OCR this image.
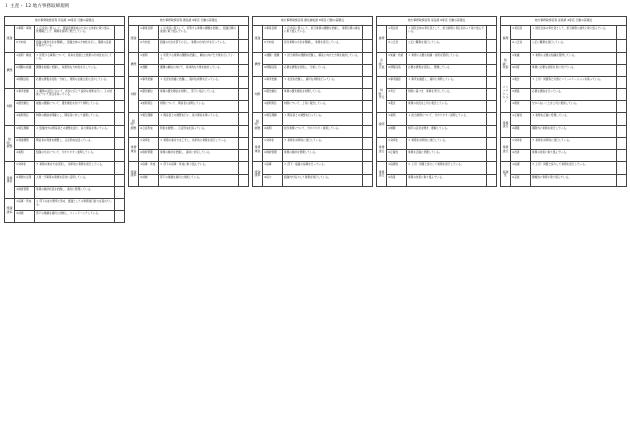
１ 主査・ 12 地方事務取締規則
地方事務取締官等 所長級 10等官 行動の着眼点			
組織	①事務・事業	１ 任命官に照らして、組織目標達成のために主体的に取り組み、管理職として、職務を適切に果たしている。	
	②方向性	組織の運営方針を理解し、組織全体の方向性を示し、職員の意欲を高めている。	
構想	①説明・解決	２ 所管する事務について、将来を見据えた施策の方向性を示している。	
	②課題の認識	課題を的確に把握し、政策的な方向性を示している。	
	③情報収集	必要な情報を収集・分析し、施策の企画立案に活かしている。	
判断	①事実把握	３ 職務の遂行において、状況に応じて適切な判断を行い、その結果について責任を持っている。	
	②優先順位	複数の課題について、優先順位を付けて判断している。	
	③説明責任	判断の根拠を明確にし、関係者に対して説明している。	
説明・調整	①相互理解	４ 組織内外の関係者との調整を図り、協力関係を築いている。	
	②利害調整	関係者の利害を調整し、合意形成を図っている。	
	③説明	組織の方針について、分かりやすく説明している。	
業務運営	①効率化	５ 業務の進め方を改善し、効率的に業務を遂行している。	
	②資源の活用	人員・予算等の資源を有効に活用している。	
	③進捗管理	業務の進捗状況を把握し、適切に管理している。	
組織統率	①指導・育成	６ 部下の能力開発に努め、組織としての業務遂行能力を高めている。	
	②評価	部下の業績を適切に評価し、フィードバックしている。	
地方事務取締官等 課長級 9等官 行動の着眼点			
組織	①事業目標	１ 任命官に照らして、所管する業務の課題を把握し、組織目標の達成に取り組んでいる。	
	②方向性	組織の方針を部下に示し、業務の方向付けを行っている。	
構想	①説明	２ 所管する業務の課題を把握し、解決に向けた方策を示している。	
	②課題	課題の解決に向けて、具体的な方策を検討している。	
判断	①事実把握	３ 状況を的確に把握し、適切な判断を行っている。	
	②優先順位	業務の優先順位を判断し、部下に指示している。	
	③説明責任	判断について、関係者に説明している。	
説明・調整	①相互理解	４ 関係者との調整を行い、協力関係を築いている。	
	②合意形成	利害を調整し、合意形成を図っている。	
業務運営	①効率化	５ 業務の進め方を工夫し、効率的に業務を遂行している。	
	②進捗管理	業務の進捗を把握し、適切に対応している。	
組織統率	①指導・育成	６ 部下の指導・育成に取り組んでいる。	
	②評価	部下の業績を適切に評価している。	
地方事務取締官等 課長補佐級 8等官 行動の着眼点			
組織	①事業目標	１ 任命官に照らして、担当業務の課題を把握し、業務目標の達成に取り組んでいる。	
	②方向性	担当業務の方針を理解し、業務を遂行している。	
構想	①課題・課題	２ 担当業務の課題を把握し、解決に向けた方策を検討している。	
	②情報収集	必要な情報を収集し、分析している。	
判断	①事実把握	３ 状況を把握し、適切な判断を行っている。	
	②優先順位	業務の優先順位を判断している。	
	③説明責任	判断について、上司に報告している。	
説明・調整	①相互理解	４ 関係者との調整を行っている。	
	②説明	担当業務について、分かりやすく説明している。	
業務運営	①効率化	５ 業務を効率的に遂行している。	
	②進捗管理	業務の進捗を管理している。	
組織統率	①指導	６ 部下・後輩の指導を行っている。	
	②協力	組織内で協力して業務を遂行している。	
地方事務取締官等 係長級 6等官 行動の着眼点			
倫理	①責任感	１ 国民全体の奉仕者として、担当業務に責任を持って取り組んでいる。	
	②公正性	公正に職務を遂行している。	
企画・立案	①知識・技術	２ 業務に必要な知識・技術を習得している。	
	②情報収集	必要な情報を収集し、整理している。	
判断・実行	①事実確認	３ 事実を確認し、適切に判断している。	
	②実行	判断に基づき、業務を実行している。	
	③報告	業務の状況を上司に報告している。	
説明	①説明	４ 担当業務について、分かりやすく説明している。	
	②傾聴	相手の意見を聞き、理解している。	
業務遂行	①効率化	５ 業務を効率的に遂行している。	
	②正確性	業務を正確に処理している。	
業務遂行	①協調性	６ 上司・同僚と協力して業務を遂行している。	
	②改善	業務の改善に取り組んでいる。	
地方事務取締官等 係員級 4等官 行動の着眼点			
倫理	①責任感	１ 国民全体の奉仕者として、担当業務に誠実に取り組んでいる。	
	②公正性	公正に職務を遂行している。	
知識・技術	①知識	２ 業務に必要な知識を習得している。	
	②技術	業務に必要な技術を身に付けている。	
コミュニケーション	①報告	３ 上司・同僚等と円滑にコミュニケーションを取っている。	
	②連絡	必要な連絡を行っている。	
	③相談	分からないことを上司に相談している。	
業務遂行	①正確性	４ 業務を正確に処理している。	
	②期限	期限内に業務を遂行している。	
業務遂行	①効率化	５ 業務を効率的に遂行している。	
	②改善	業務の改善に取り組んでいる。	
協調性	①協調	６ 上司・同僚と協力して業務を遂行している。	
	②意欲	積極的に業務に取り組んでいる。	
